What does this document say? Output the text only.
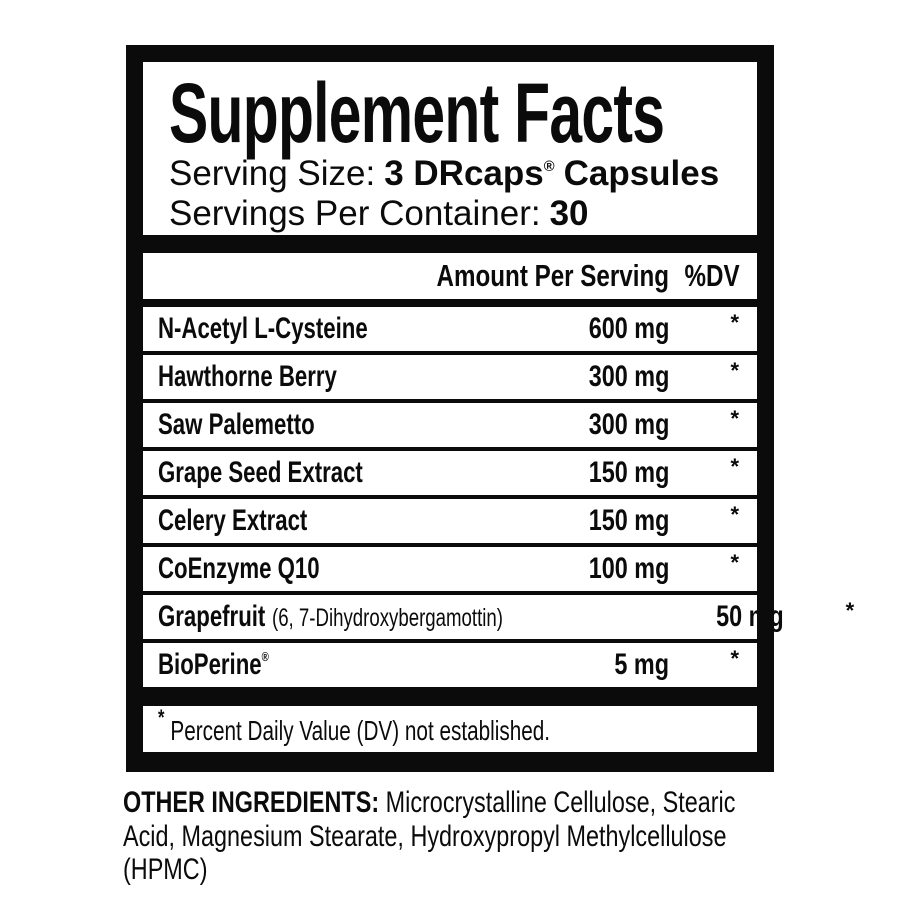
Supplement Facts
Serving Size: 3 DRcaps® Capsules
Servings Per Container: 30
Amount Per Serving %DV
N-Acetyl L-Cysteine	600 mg	*
Hawthorne Berry	300 mg	*
Saw Palemetto	300 mg	*
Grape Seed Extract	150 mg	*
Celery Extract	150 mg	*
CoEnzyme Q10	100 mg	*
Grapefruit (6, 7-Dihydroxybergamottin)	50 mg	*
BioPerine®	5 mg	*
* Percent Daily Value (DV) not established.

OTHER INGREDIENTS: Microcrystalline Cellulose, Stearic Acid, Magnesium Stearate, Hydroxypropyl Methylcellulose (HPMC)
